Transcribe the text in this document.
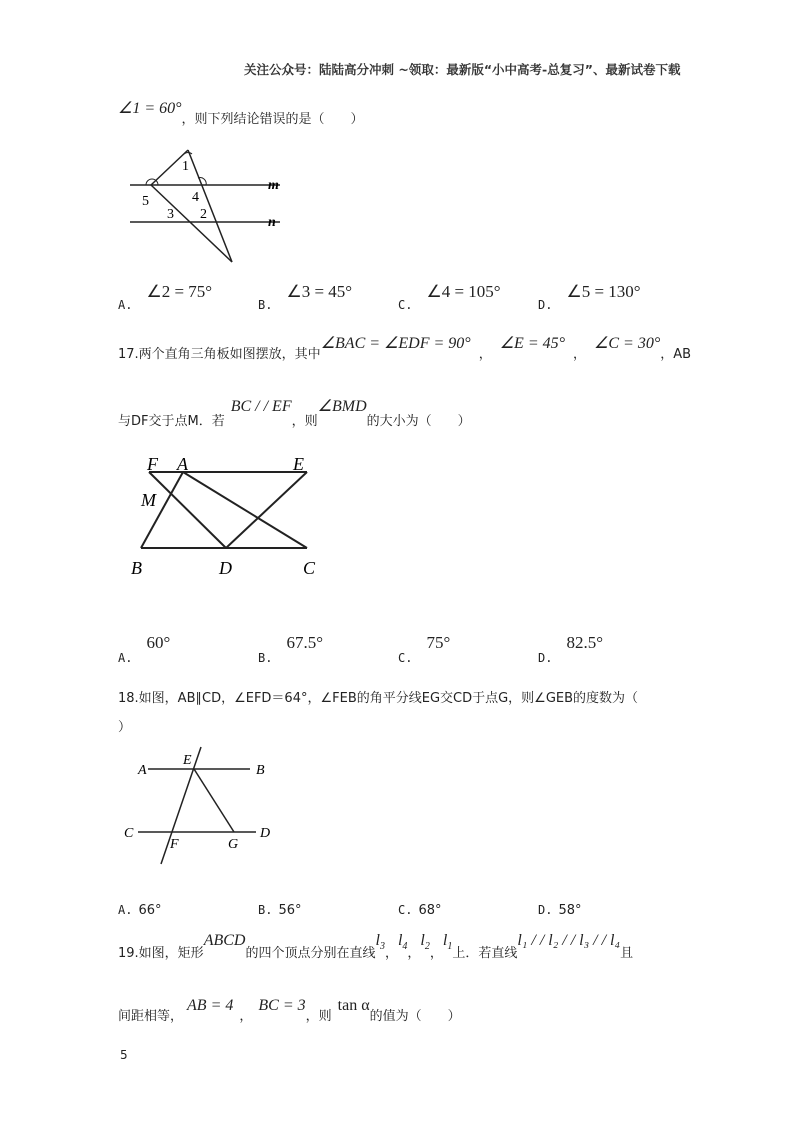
关注公众号：陆陆高分冲刺 ~领取：最新版“小中高考-总复习”、最新试卷下载
∠1 = $60^\circ_{,则下列结论错误的是( )}$
1
4
5
3 2
m
n
$_{A.}$∠2 = 75°
$_{B.}$∠3 = 45°
$_{C.}$∠4 = 105°
$_{D.}$∠5 = 130°
$_{17.两个直角三角板如图摆放,其中}$∠BAC = ∠EDF = $90^\circ_,\angle E$ = $45^\circ_,\angle C = 30^\circ_{,AB}$
$_{与DF交于点M.若}$BC / / $EF_{,则}\angle BMD_{的大小为( )}$
F A	E
M
B	D	C
$_{A.}$60°
$_{B.}$67.5°
$_{C.}$75°
$_{D.}$82.5°
18.如图，AB∥CD，∠EFD＝64°，∠FEB的角平分线EG交CD于点G，则∠GEB的度数为（
）
A
E
B
C
F	G
D
A. 66°	B. 56°	C. 68°	D. 58°
$_{19.如图,矩形}ABCD_{的四个顶点分别在直线}l_{3,}l_{4,}l_{2,}l_{1上.若直线}l_1$ / / l₂ / / l₃ / / $l_4_且$
$_{间距相等,}AB = 4_,BC = 3_{,则}\tan$ $\alpha_{的值为( )}$
5
